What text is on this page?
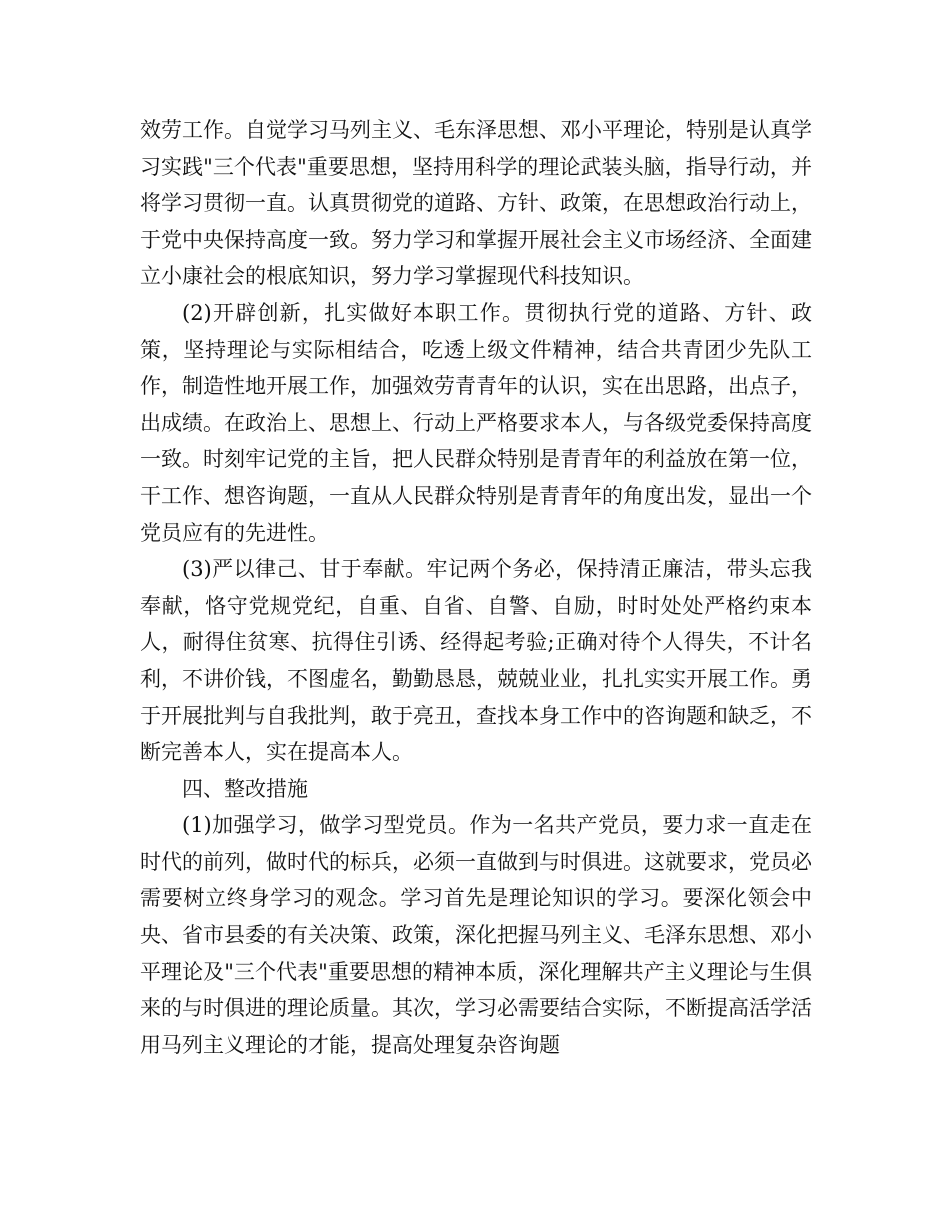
效劳工作。自觉学习马列主义、毛东泽思想、邓小平理论，特别是认真学习实践"三个代表"重要思想，坚持用科学的理论武装头脑，指导行动，并将学习贯彻一直。认真贯彻党的道路、方针、政策，在思想政治行动上，于党中央保持高度一致。努力学习和掌握开展社会主义市场经济、全面建立小康社会的根底知识，努力学习掌握现代科技知识。

(2)开辟创新，扎实做好本职工作。贯彻执行党的道路、方针、政策，坚持理论与实际相结合，吃透上级文件精神，结合共青团少先队工作，制造性地开展工作，加强效劳青青年的认识，实在出思路，出点子，出成绩。在政治上、思想上、行动上严格要求本人，与各级党委保持高度一致。时刻牢记党的主旨，把人民群众特别是青青年的利益放在第一位，干工作、想咨询题，一直从人民群众特别是青青年的角度出发，显出一个党员应有的先进性。

(3)严以律己、甘于奉献。牢记两个务必，保持清正廉洁，带头忘我奉献，恪守党规党纪，自重、自省、自警、自励，时时处处严格约束本人，耐得住贫寒、抗得住引诱、经得起考验;正确对待个人得失，不计名利，不讲价钱，不图虚名，勤勤恳恳，兢兢业业，扎扎实实开展工作。勇于开展批判与自我批判，敢于亮丑，查找本身工作中的咨询题和缺乏，不断完善本人，实在提高本人。

四、整改措施

(1)加强学习，做学习型党员。作为一名共产党员，要力求一直走在时代的前列，做时代的标兵，必须一直做到与时俱进。这就要求，党员必需要树立终身学习的观念。学习首先是理论知识的学习。要深化领会中央、省市县委的有关决策、政策，深化把握马列主义、毛泽东思想、邓小平理论及"三个代表"重要思想的精神本质，深化理解共产主义理论与生俱来的与时俱进的理论质量。其次，学习必需要结合实际，不断提高活学活用马列主义理论的才能，提高处理复杂咨询题
